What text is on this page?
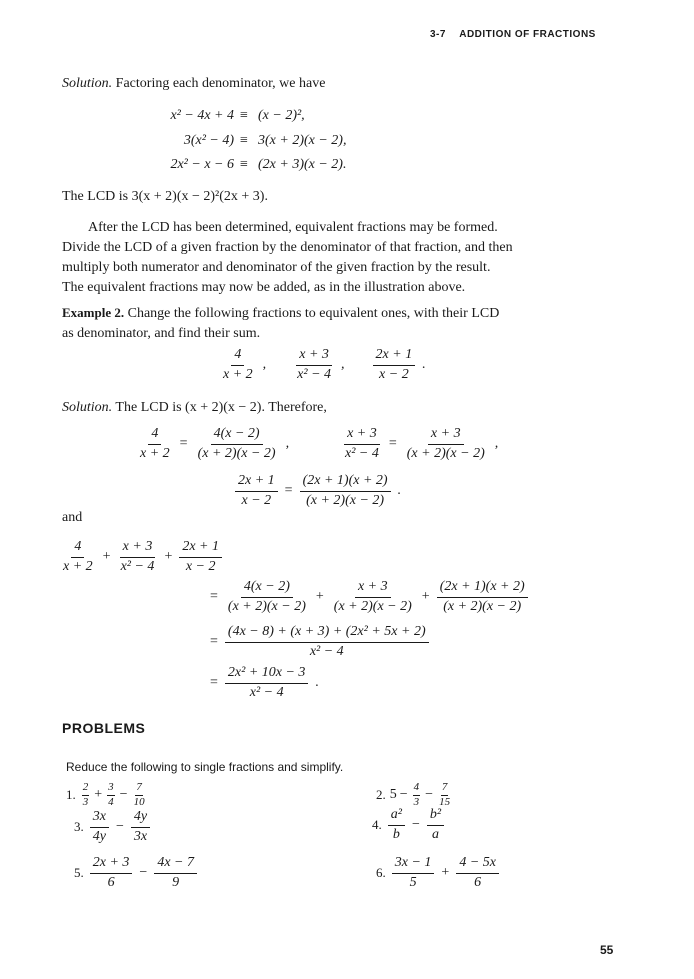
3-7 ADDITION OF FRACTIONS
Solution. Factoring each denominator, we have
x² − 4x + 4 ≡ (x − 2)²,
3(x² − 4) ≡ 3(x + 2)(x − 2),
2x² − x − 6 ≡ (2x + 3)(x − 2).
The LCD is 3(x + 2)(x − 2)²(2x + 3).
After the LCD has been determined, equivalent fractions may be formed.
Divide the LCD of a given fraction by the denominator of that fraction, and then
multiply both numerator and denominator of the given fraction by the result.
The equivalent fractions may now be added, as in the illustration above.
Example 2. Change the following fractions to equivalent ones, with their LCD
as denominator, and find their sum.
$\frac{4}{x + 2}$ , $\frac{x + 3}{\text{x² − 4}}$ , $\frac{2x + 1}{x - 2}$ .
Solution. The LCD is (x + 2)(x − 2). Therefore,
$\frac{4}{x + 2} = \frac{4(x - 2)}{(x + 2)(x - 2)}$ ,	$\frac{x + 3}{\text{x² − 4}} = \frac{x + 3}{(x + 2)(x - 2)}$ ,
$\frac{2x + 1}{x - 2} = \frac{(2x + 1)(x + 2)}{(x + 2)(x - 2)}$ .
and
$\frac{4}{x + 2} + \frac{x + 3}{\text{x² − 4}} + \frac{2x + 1}{x - 2}$
= $\frac{4(x - 2)}{(x + 2)(x - 2)} + \frac{x + 3}{(x + 2)(x - 2)} + \frac{(2x + 1)(x + 2)}{(x + 2)(x - 2)}$
= $\frac{\text{(4x − 8) + (x + 3) + (2x² + 5x + 2)}}{\text{x² − 4}}$
= $\frac{\text{2x² + 10x − 3}}{\text{x² − 4}}$ .
PROBLEMS
Reduce the following to single fractions and simplify.
1. $\frac{2}{3} + \frac{3}{4} - \frac{7}{10}$	2. $5 - \frac{4}{3} - \frac{7}{15}$
3. $\frac{3x}{4y} - \frac{4y}{3x}$	4. $\frac{\text{a²}}{b} - \frac{\text{b²}}{a}$
5. $\frac{2x + 3}{6} - \frac{4x - 7}{9}$	6. $\frac{3x - 1}{5} + \frac{4 - 5x}{6}$
55
